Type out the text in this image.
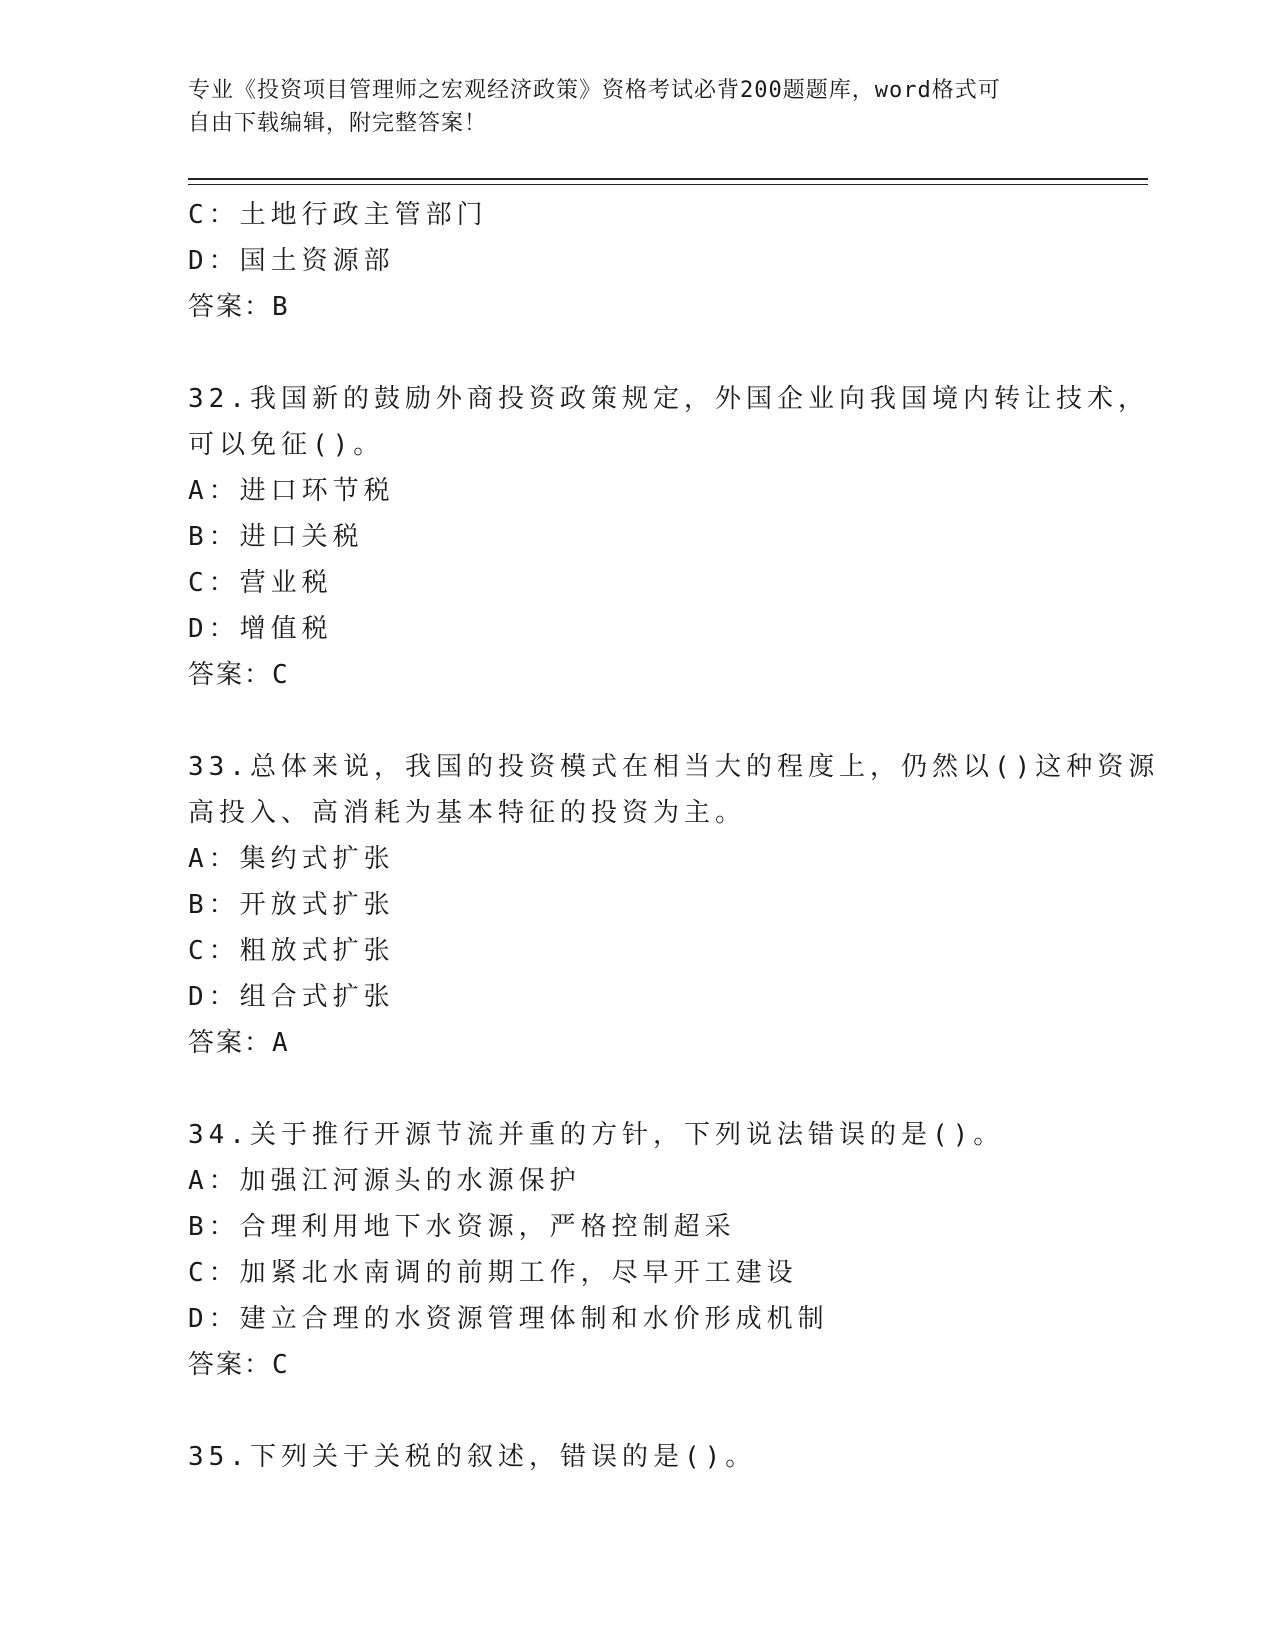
专业《投资项目管理师之宏观经济政策》资格考试必背200题题库，word格式可
自由下载编辑，附完整答案！
C：土地行政主管部门
D：国土资源部
答案：B
32.我国新的鼓励外商投资政策规定，外国企业向我国境内转让技术，
可以免征()。
A：进口环节税
B：进口关税
C：营业税
D：增值税
答案：C
33.总体来说，我国的投资模式在相当大的程度上，仍然以()这种资源
高投入、高消耗为基本特征的投资为主。
A：集约式扩张
B：开放式扩张
C：粗放式扩张
D：组合式扩张
答案：A
34.关于推行开源节流并重的方针，下列说法错误的是()。
A：加强江河源头的水源保护
B：合理利用地下水资源，严格控制超采
C：加紧北水南调的前期工作，尽早开工建设
D：建立合理的水资源管理体制和水价形成机制
答案：C
35.下列关于关税的叙述，错误的是()。
